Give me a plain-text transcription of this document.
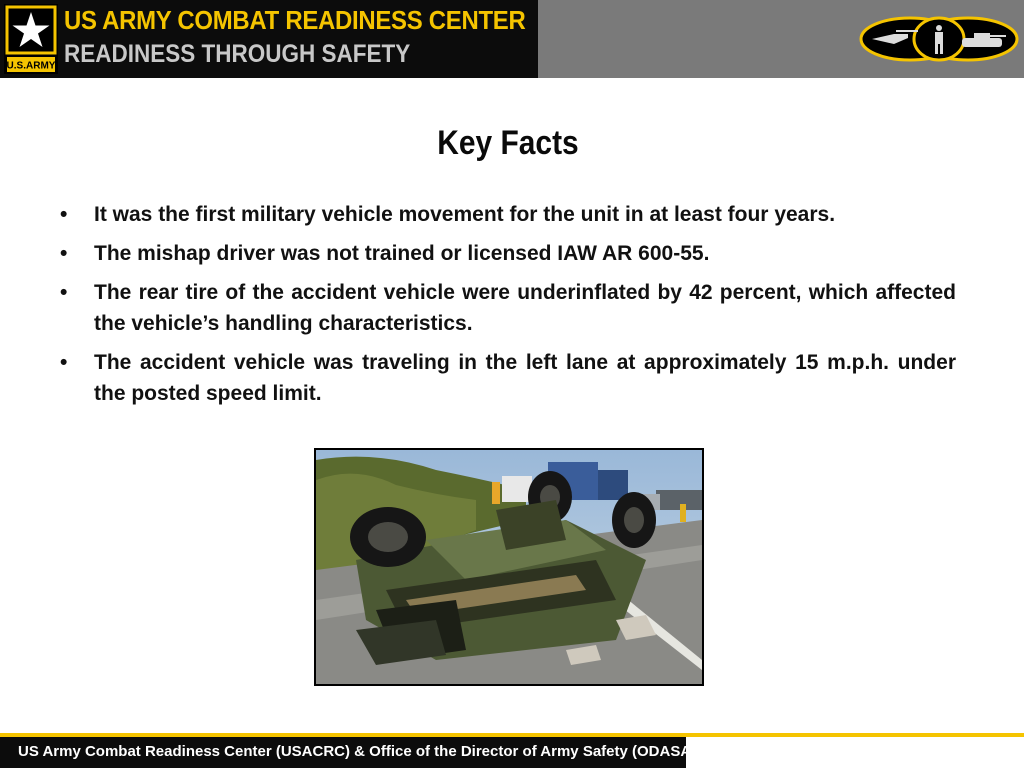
U.S.ARMY
US ARMY COMBAT READINESS CENTER
READINESS THROUGH SAFETY
Key Facts
• It was the first military vehicle movement for the unit in at least four years.
• The mishap driver was not trained or licensed IAW AR 600-55.
• The rear tire of the accident vehicle were underinflated by 42 percent, which affected the vehicle’s handling characteristics.
• The accident vehicle was traveling in the left lane at approximately 15 m.p.h. under the posted speed limit.
US Army Combat Readiness Center (USACRC) & Office of the Director of Army Safety (ODASAF)
